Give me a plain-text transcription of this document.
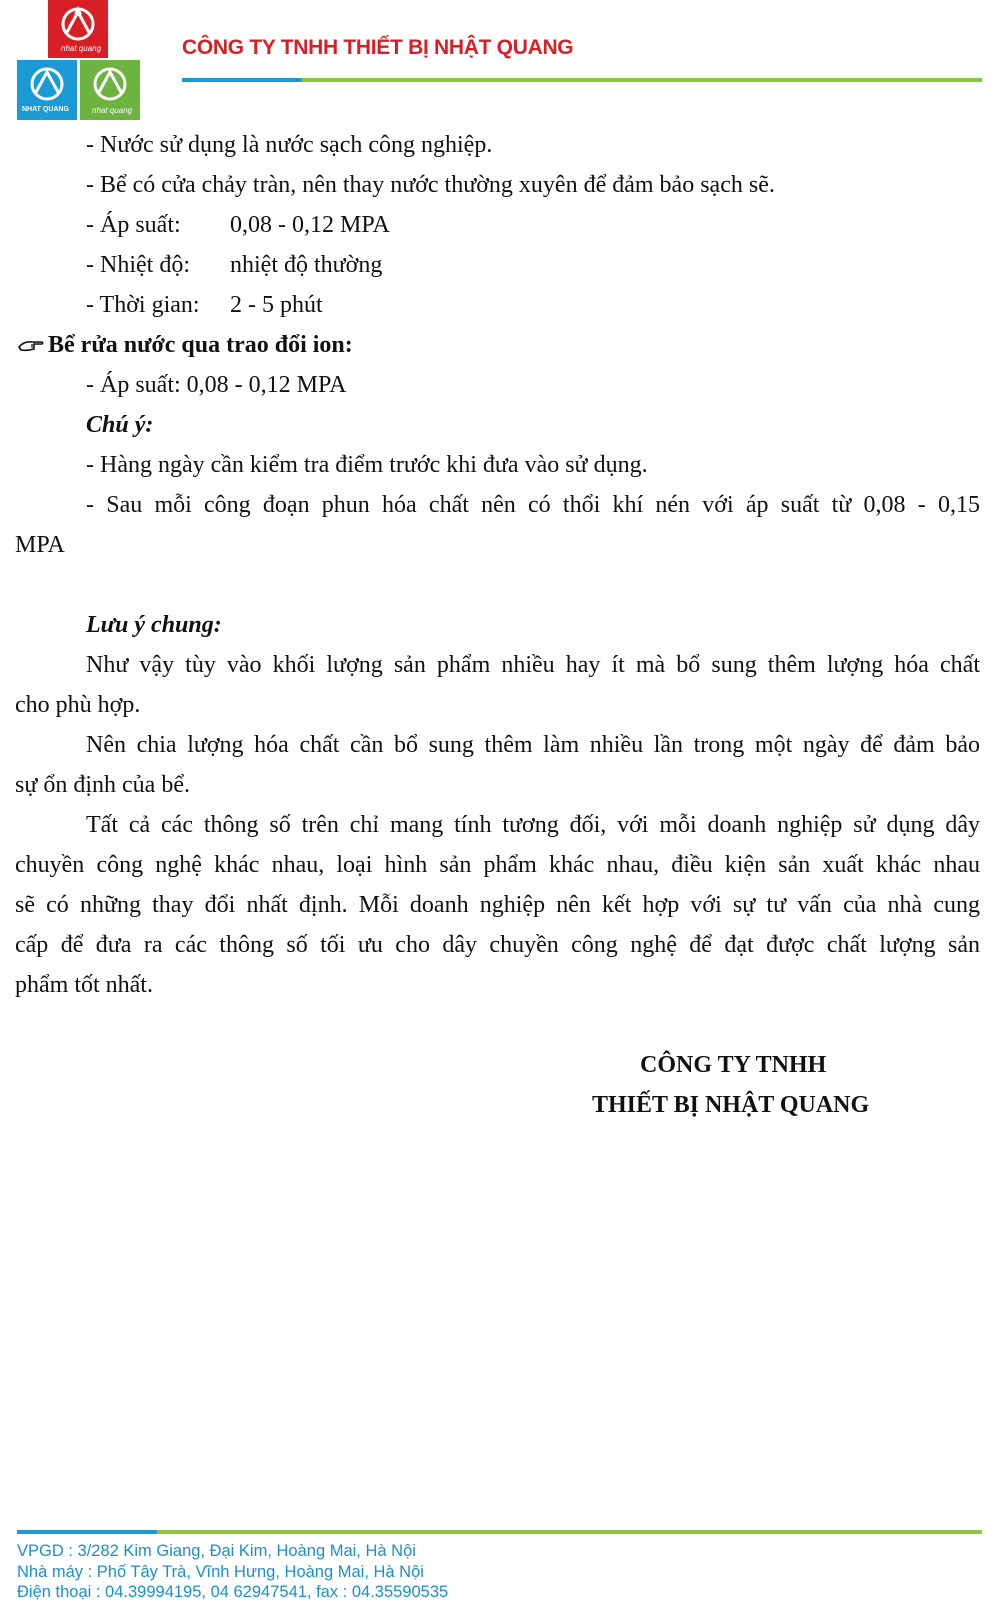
nhat quang
NHAT QUANG	nhat quang
CÔNG TY TNHH THIẾT BỊ NHẬT QUANG
- Nước sử dụng là nước sạch công nghiệp.
- Bể có cửa chảy tràn, nên thay nước thường xuyên để đảm bảo sạch sẽ.
- Áp suất: 0,08 - 0,12 MPA
- Nhiệt độ: nhiệt độ thường
- Thời gian: 2 - 5 phút
Bể rửa nước qua trao đổi ion:
- Áp suất: 0,08 - 0,12 MPA
Chú ý:
- Hàng ngày cần kiểm tra điểm trước khi đưa vào sử dụng.
- Sau mỗi công đoạn phun hóa chất nên có thổi khí nén với áp suất từ 0,08 - 0,15
MPA
Lưu ý chung:
Như vậy tùy vào khối lượng sản phẩm nhiều hay ít mà bổ sung thêm lượng hóa chất
cho phù hợp.
Nên chia lượng hóa chất cần bổ sung thêm làm nhiều lần trong một ngày để đảm bảo
sự ổn định của bể.
Tất cả các thông số trên chỉ mang tính tương đối, với mỗi doanh nghiệp sử dụng dây
chuyền công nghệ khác nhau, loại hình sản phẩm khác nhau, điều kiện sản xuất khác nhau
sẽ có những thay đổi nhất định. Mỗi doanh nghiệp nên kết hợp với sự tư vấn của nhà cung
cấp để đưa ra các thông số tối ưu cho dây chuyền công nghệ để đạt được chất lượng sản
phẩm tốt nhất.
CÔNG TY TNHH
THIẾT BỊ NHẬT QUANG
VPGD : 3/282 Kim Giang, Đại Kim, Hoàng Mai, Hà Nội
Nhà máy : Phố Tây Trà, Vĩnh Hưng, Hoàng Mai, Hà Nội
Điện thoại : 04.39994195, 04 62947541, fax : 04.35590535
